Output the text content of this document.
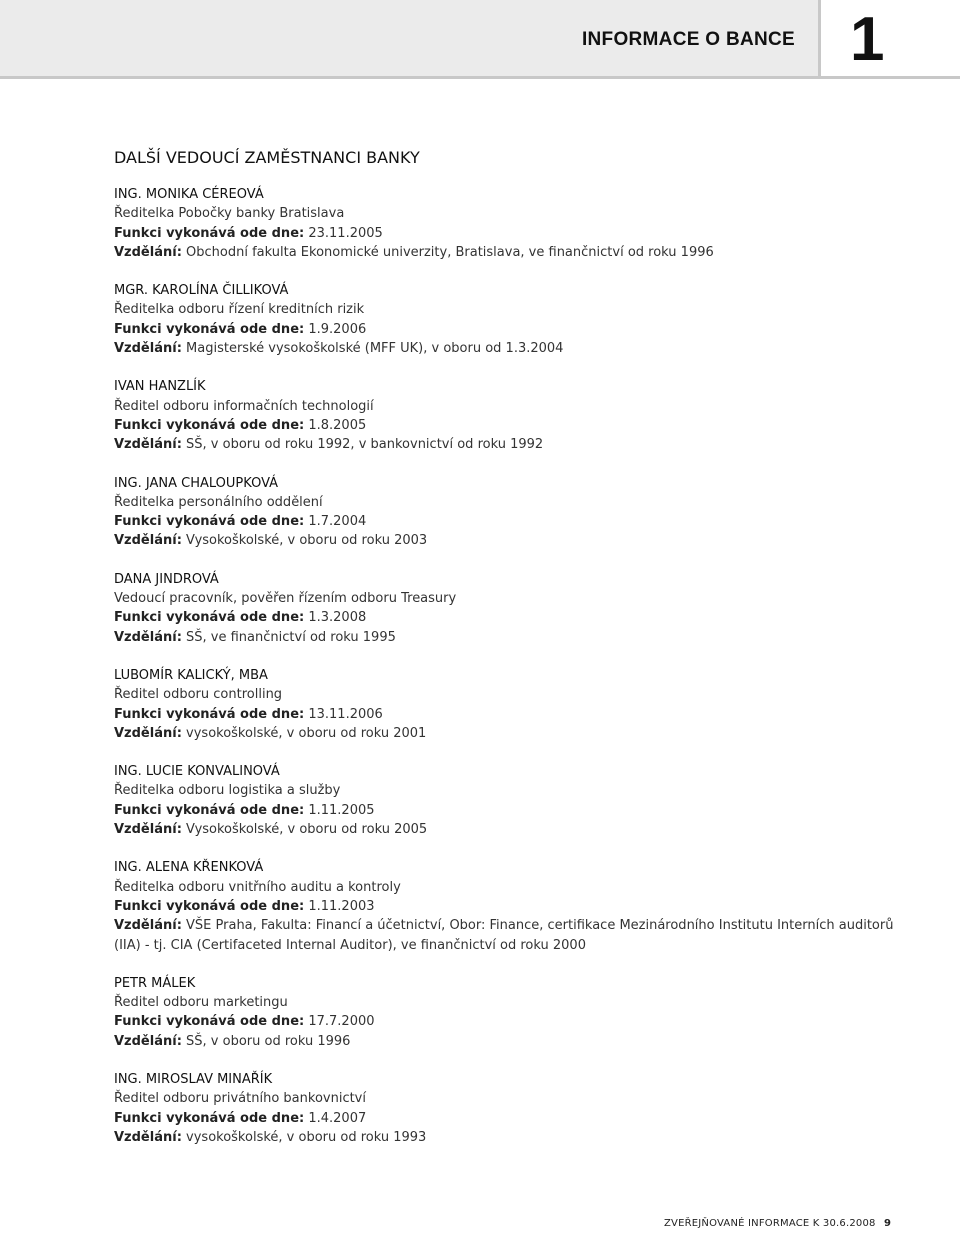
INFORMACE O BANCE 1
DALŠÍ VEDOUCÍ ZAMĚSTNANCI BANKY
ING. MONIKA CÉREOVÁ
Ředitelka Pobočky banky Bratislava
Funkci vykonává ode dne: 23.11.2005
Vzdělání: Obchodní fakulta Ekonomické univerzity, Bratislava, ve finančnictví od roku 1996
MGR. KAROLÍNA ČILLIKOVÁ
Ředitelka odboru řízení kreditních rizik
Funkci vykonává ode dne: 1.9.2006
Vzdělání: Magisterské vysokoškolské (MFF UK), v oboru od 1.3.2004
IVAN HANZLÍK
Ředitel odboru informačních technologií
Funkci vykonává ode dne: 1.8.2005
Vzdělání: SŠ, v oboru od roku 1992, v bankovnictví od roku 1992
ING. JANA CHALOUPKOVÁ
Ředitelka personálního oddělení
Funkci vykonává ode dne: 1.7.2004
Vzdělání: Vysokoškolské, v oboru od roku 2003
DANA JINDROVÁ
Vedoucí pracovník, pověřen řízením odboru Treasury
Funkci vykonává ode dne: 1.3.2008
Vzdělání: SŠ, ve finančnictví od roku 1995
LUBOMÍR KALICKÝ, MBA
Ředitel odboru controlling
Funkci vykonává ode dne: 13.11.2006
Vzdělání: vysokoškolské, v oboru od roku 2001
ING. LUCIE KONVALINOVÁ
Ředitelka odboru logistika a služby
Funkci vykonává ode dne: 1.11.2005
Vzdělání: Vysokoškolské, v oboru od roku 2005
ING. ALENA KŘENKOVÁ
Ředitelka odboru vnitřního auditu a kontroly
Funkci vykonává ode dne: 1.11.2003
Vzdělání: VŠE Praha, Fakulta: Financí a účetnictví, Obor: Finance, certifikace Mezinárodního Institutu Interních auditorů (IIA) - tj. CIA (Certifaceted Internal Auditor), ve finančnictví od roku 2000
PETR MÁLEK
Ředitel odboru marketingu
Funkci vykonává ode dne: 17.7.2000
Vzdělání: SŠ, v oboru od roku 1996
ING. MIROSLAV MINAŘÍK
Ředitel odboru privátního bankovnictví
Funkci vykonává ode dne: 1.4.2007
Vzdělání: vysokoškolské, v oboru od roku 1993
ZVEŘEJŇOVANÉ INFORMACE K 30.6.2008 9
